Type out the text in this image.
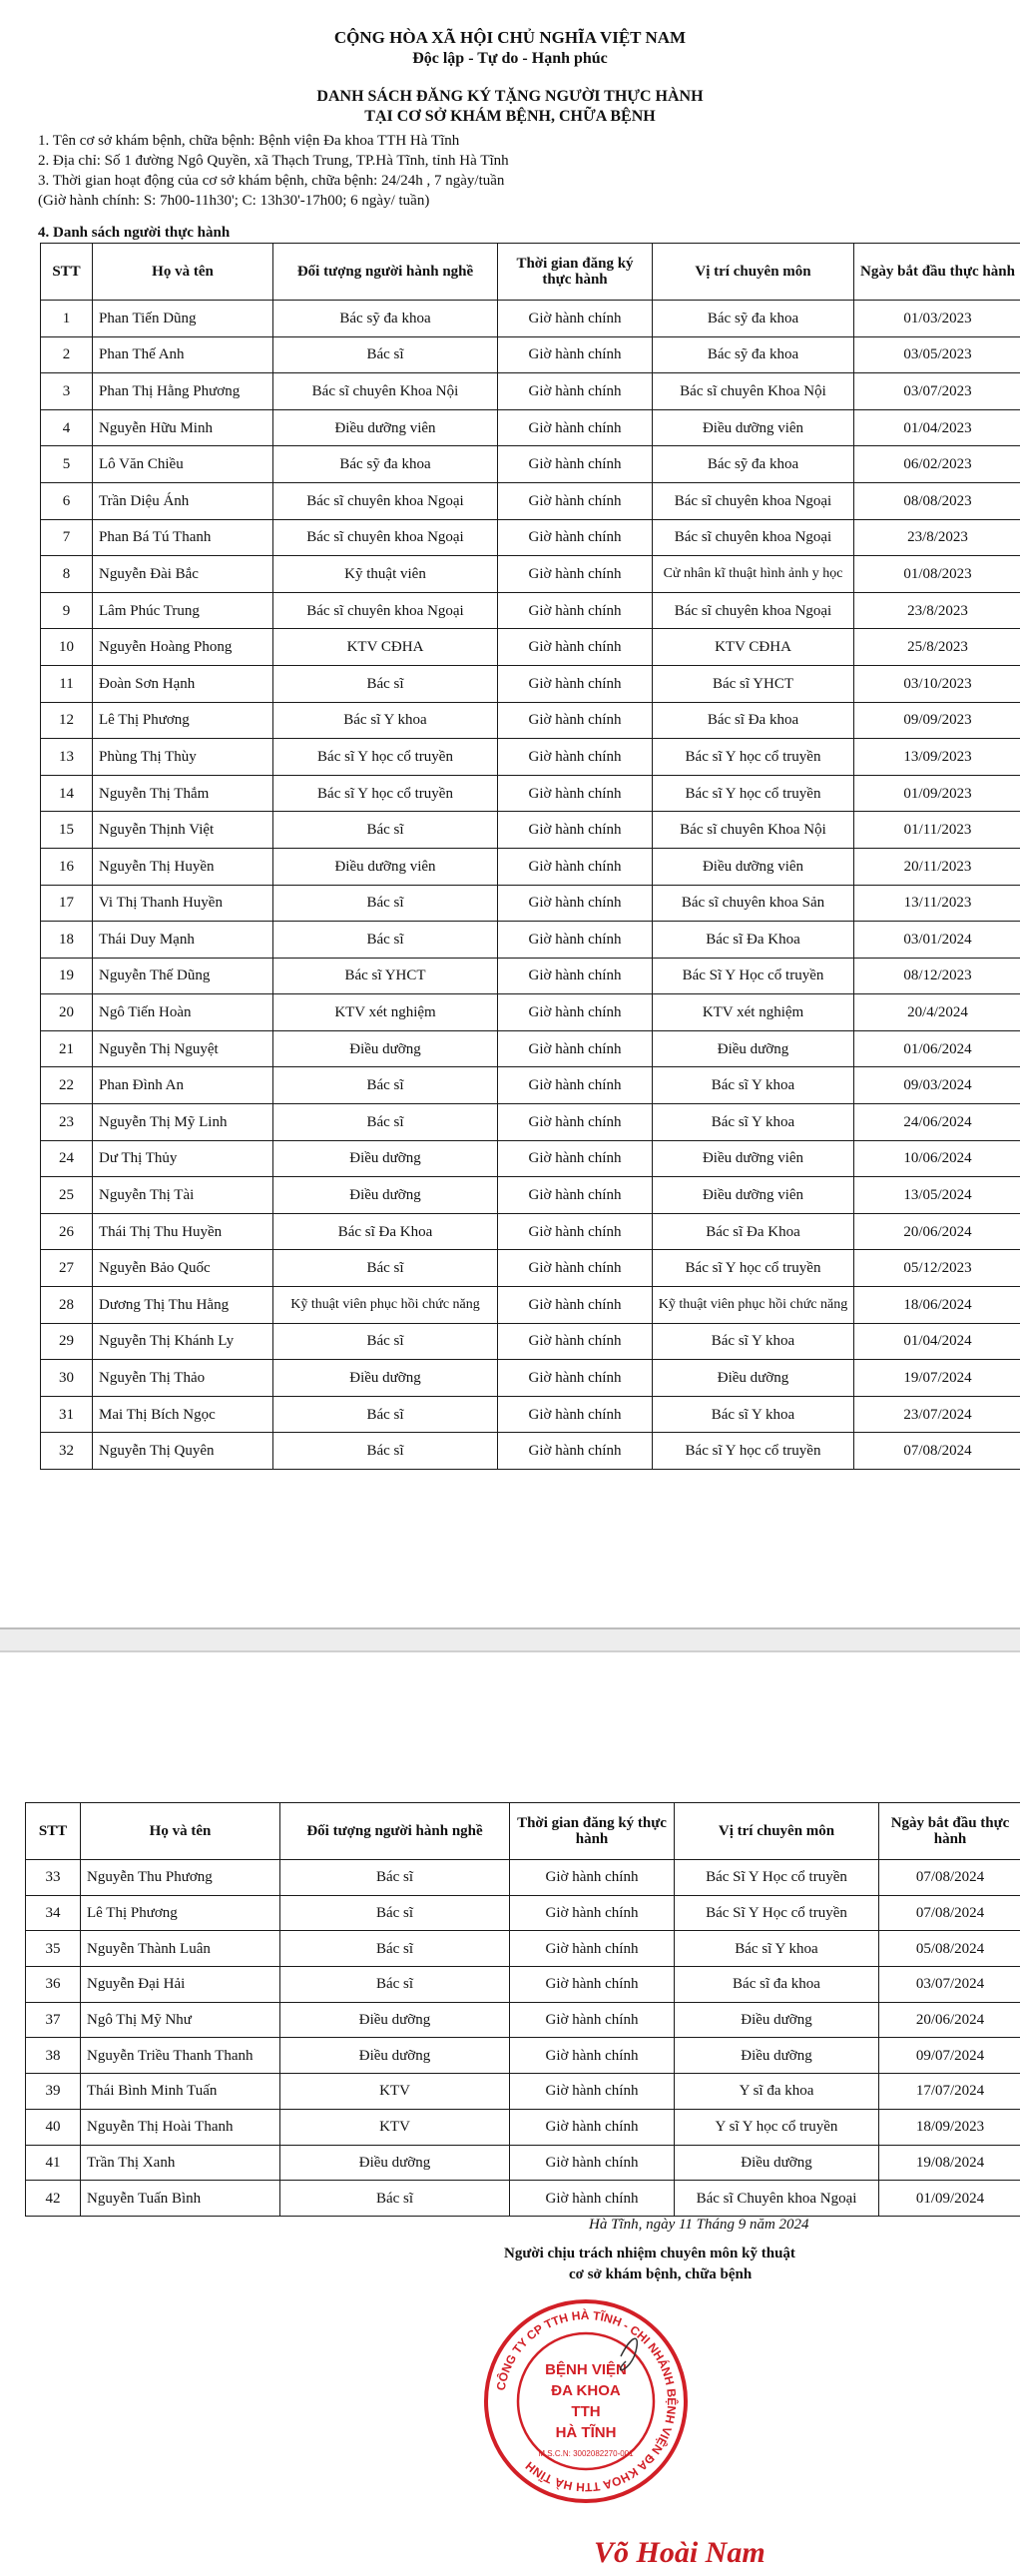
CỘNG HÒA XÃ HỘI CHỦ NGHĨA VIỆT NAM
Độc lập - Tự do - Hạnh phúc
DANH SÁCH ĐĂNG KÝ TẶNG NGƯỜI THỰC HÀNH
TẠI CƠ SỞ KHÁM BỆNH, CHỮA BỆNH
1. Tên cơ sở khám bệnh, chữa bệnh: Bệnh viện Đa khoa TTH Hà Tĩnh
2. Địa chỉ: Số 1 đường Ngô Quyền, xã Thạch Trung, TP.Hà Tĩnh, tỉnh Hà Tĩnh
3. Thời gian hoạt động của cơ sở khám bệnh, chữa bệnh: 24/24h , 7 ngày/tuần
(Giờ hành chính: S: 7h00-11h30'; C: 13h30'-17h00; 6 ngày/ tuần)
4. Danh sách người thực hành
STT	Họ và tên	Đối tượng người hành nghề	Thời gian đăng ký thực hành	Vị trí chuyên môn	Ngày bắt đầu thực hành
1	Phan Tiến Dũng	Bác sỹ đa khoa	Giờ hành chính	Bác sỹ đa khoa	01/03/2023
2	Phan Thế Anh	Bác sĩ	Giờ hành chính	Bác sỹ đa khoa	03/05/2023
3	Phan Thị Hằng Phương	Bác sĩ chuyên Khoa Nội	Giờ hành chính	Bác sĩ chuyên Khoa Nội	03/07/2023
4	Nguyễn Hữu Minh	Điều dưỡng viên	Giờ hành chính	Điều dưỡng viên	01/04/2023
5	Lô Văn Chiều	Bác sỹ đa khoa	Giờ hành chính	Bác sỹ đa khoa	06/02/2023
6	Trần Diệu Ánh	Bác sĩ chuyên khoa Ngoại	Giờ hành chính	Bác sĩ chuyên khoa Ngoại	08/08/2023
7	Phan Bá Tú Thanh	Bác sĩ chuyên khoa Ngoại	Giờ hành chính	Bác sĩ chuyên khoa Ngoại	23/8/2023
8	Nguyễn Đài Bắc	Kỹ thuật viên	Giờ hành chính	Cử nhân kĩ thuật hình ảnh y học	01/08/2023
9	Lâm Phúc Trung	Bác sĩ chuyên khoa Ngoại	Giờ hành chính	Bác sĩ chuyên khoa Ngoại	23/8/2023
10	Nguyễn Hoàng Phong	KTV CĐHA	Giờ hành chính	KTV CĐHA	25/8/2023
11	Đoàn Sơn Hạnh	Bác sĩ	Giờ hành chính	Bác sĩ YHCT	03/10/2023
12	Lê Thị Phương	Bác sĩ Y khoa	Giờ hành chính	Bác sĩ Đa khoa	09/09/2023
13	Phùng Thị Thùy	Bác sĩ Y học cổ truyền	Giờ hành chính	Bác sĩ Y học cổ truyền	13/09/2023
14	Nguyễn Thị Thắm	Bác sĩ Y học cổ truyền	Giờ hành chính	Bác sĩ Y học cổ truyền	01/09/2023
15	Nguyễn Thịnh Việt	Bác sĩ	Giờ hành chính	Bác sĩ chuyên Khoa Nội	01/11/2023
16	Nguyễn Thị Huyền	Điều dưỡng viên	Giờ hành chính	Điều dưỡng viên	20/11/2023
17	Vi Thị Thanh Huyền	Bác sĩ	Giờ hành chính	Bác sĩ chuyên khoa Sản	13/11/2023
18	Thái Duy Mạnh	Bác sĩ	Giờ hành chính	Bác sĩ Đa Khoa	03/01/2024
19	Nguyễn Thế Dũng	Bác sĩ YHCT	Giờ hành chính	Bác Sĩ Y Học cổ truyền	08/12/2023
20	Ngô Tiến Hoàn	KTV xét nghiệm	Giờ hành chính	KTV xét nghiệm	20/4/2024
21	Nguyễn Thị Nguyệt	Điều dưỡng	Giờ hành chính	Điều dưỡng	01/06/2024
22	Phan Đình An	Bác sĩ	Giờ hành chính	Bác sĩ Y khoa	09/03/2024
23	Nguyễn Thị Mỹ Linh	Bác sĩ	Giờ hành chính	Bác sĩ Y khoa	24/06/2024
24	Dư Thị Thủy	Điều dưỡng	Giờ hành chính	Điều dưỡng viên	10/06/2024
25	Nguyễn Thị Tài	Điều dưỡng	Giờ hành chính	Điều dưỡng viên	13/05/2024
26	Thái Thị Thu Huyền	Bác sĩ Đa Khoa	Giờ hành chính	Bác sĩ Đa Khoa	20/06/2024
27	Nguyễn Bảo Quốc	Bác sĩ	Giờ hành chính	Bác sĩ Y học cổ truyền	05/12/2023
28	Dương Thị Thu Hằng	Kỹ thuật viên phục hồi chức năng	Giờ hành chính	Kỹ thuật viên phục hồi chức năng	18/06/2024
29	Nguyễn Thị Khánh Ly	Bác sĩ	Giờ hành chính	Bác sĩ Y khoa	01/04/2024
30	Nguyễn Thị Thảo	Điều dưỡng	Giờ hành chính	Điều dưỡng	19/07/2024
31	Mai Thị Bích Ngọc	Bác sĩ	Giờ hành chính	Bác sĩ Y khoa	23/07/2024
32	Nguyễn Thị Quyên	Bác sĩ	Giờ hành chính	Bác sĩ Y học cổ truyền	07/08/2024
STT	Họ và tên	Đối tượng người hành nghề	Thời gian đăng ký thực hành	Vị trí chuyên môn	Ngày bắt đầu thực hành
33	Nguyễn Thu Phương	Bác sĩ	Giờ hành chính	Bác Sĩ Y Học cổ truyền	07/08/2024
34	Lê Thị Phương	Bác sĩ	Giờ hành chính	Bác Sĩ Y Học cổ truyền	07/08/2024
35	Nguyễn Thành Luân	Bác sĩ	Giờ hành chính	Bác sĩ Y khoa	05/08/2024
36	Nguyễn Đại Hải	Bác sĩ	Giờ hành chính	Bác sĩ đa khoa	03/07/2024
37	Ngô Thị Mỹ Như	Điều dưỡng	Giờ hành chính	Điều dưỡng	20/06/2024
38	Nguyễn Triều Thanh Thanh	Điều dưỡng	Giờ hành chính	Điều dưỡng	09/07/2024
39	Thái Bình Minh Tuấn	KTV	Giờ hành chính	Y sĩ đa khoa	17/07/2024
40	Nguyễn Thị Hoài Thanh	KTV	Giờ hành chính	Y sĩ Y học cổ truyền	18/09/2023
41	Trần Thị Xanh	Điều dưỡng	Giờ hành chính	Điều dưỡng	19/08/2024
42	Nguyễn Tuấn Bình	Bác sĩ	Giờ hành chính	Bác sĩ Chuyên khoa Ngoại	01/09/2024
Hà Tĩnh, ngày 11 Tháng 9 năm 2024
Người chịu trách nhiệm chuyên môn kỹ thuật
cơ sở khám bệnh, chữa bệnh
CÔNG TY CP TTH HÀ TĨNH - CHI NHÁNH BỆNH VIỆN ĐA KHOA TTH HÀ TĨNH
BỆNH VIỆN
ĐA KHOA
TTH
HÀ TĨNH
M.S.C.N: 3002082270-001
Võ Hoài Nam
